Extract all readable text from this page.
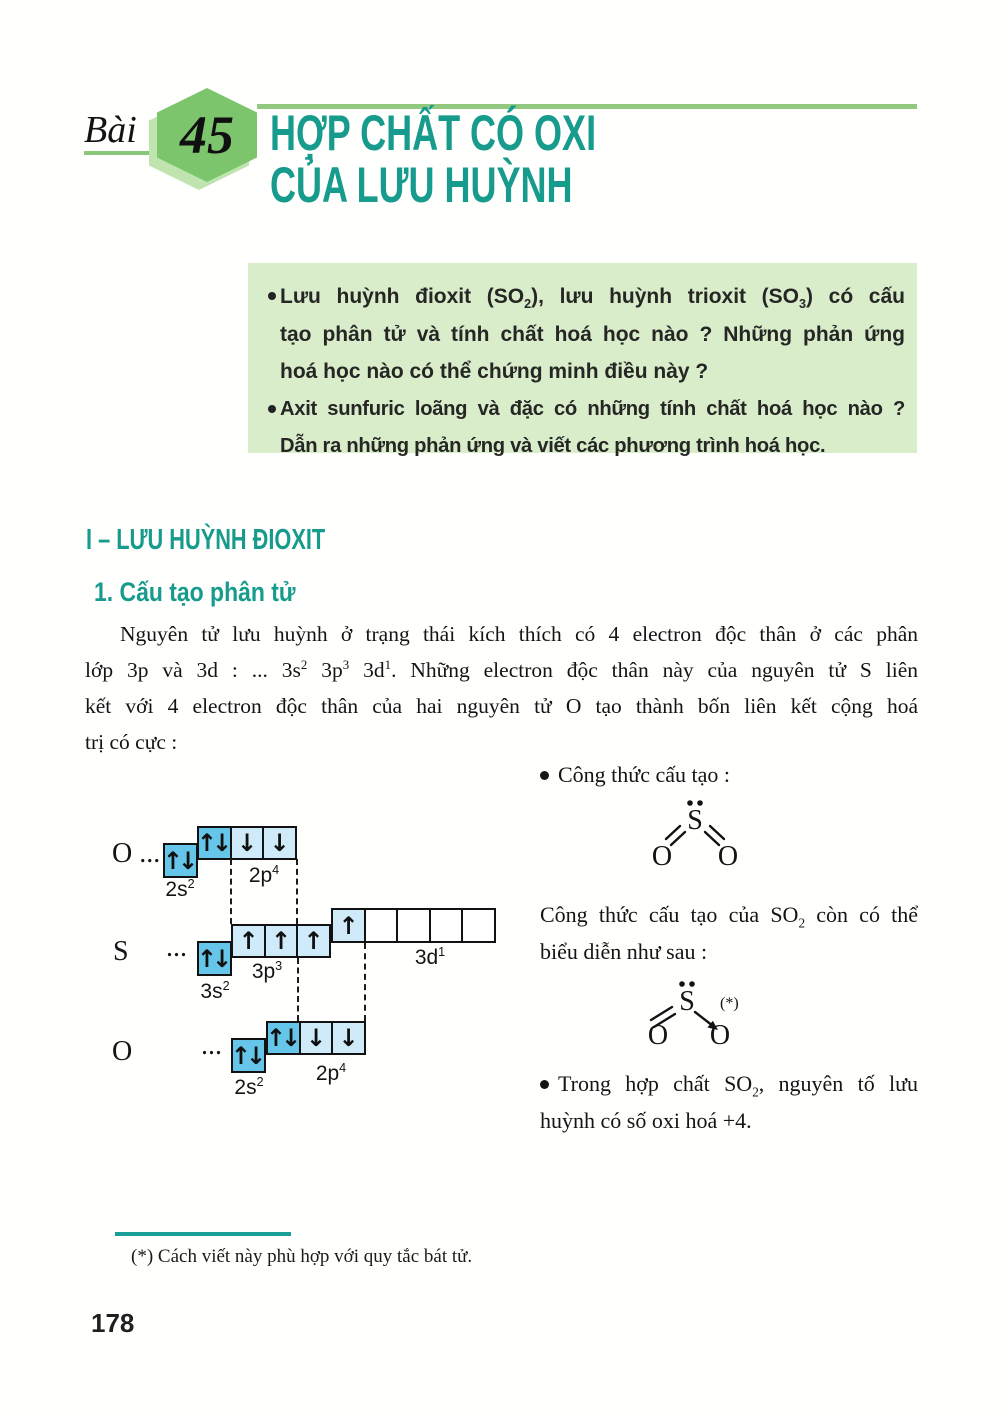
Bài 45 HỢP CHẤT CÓ OXI
CỦA LƯU HUỲNH
Lưu huỳnh đioxit $(SO_2)$, lưu huỳnh trioxit $(SO_3)$ có cấu
tạo phân tử và tính chất hoá học nào ? Những phản ứng
hoá học nào có thể chứng minh điều này ?
Axit sunfuric loãng và đặc có những tính chất hoá học nào ?
Dẫn ra những phản ứng và viết các phương trình hoá học.
I – LƯU HUỲNH ĐIOXIT
1. Cấu tạo phân tử
Nguyên tử lưu huỳnh ở trạng thái kích thích có 4 electron độc thân ở các phân
lớp 3p và 3d : ... $3s^2$ $3p^3$ $3d^1$. Những electron độc thân này của nguyên tử S liên
kết với 4 electron độc thân của hai nguyên tử O tạo thành bốn liên kết cộng hoá
trị có cực :
O ... ↑↓
↑↓ ↓ ↓
$2s^2$	$2p^4$
S ... ↑↓
↑ ↑ ↑
↑
$3s^2$
$3p^3$	$3d^1$
O ... ↑↓
↑↓ ↓ ↓
$2s^2$	$2p^4$
Công thức cấu tạo :
S
O O
Công thức cấu tạo của $SO_2$ còn có thể
biểu diễn như sau :
S (*)
O O
Trong hợp chất $SO_2$, nguyên tố lưu
huỳnh có số oxi hoá +4.
(*) Cách viết này phù hợp với quy tắc bát tử.
178
